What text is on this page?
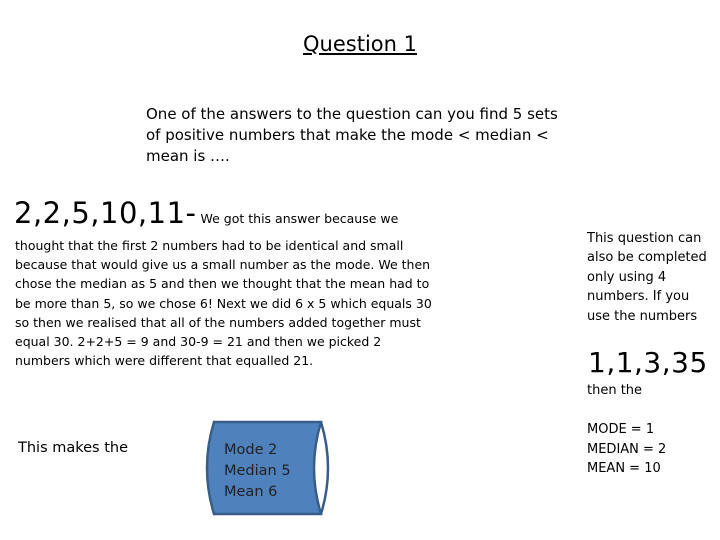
Question 1
One of the answers to the question can you find 5 sets of positive numbers that make the mode < median < mean is ….
2,2,5,10,11- We got this answer because we
thought that the first 2 numbers had to be identical and small because that would give us a small number as the mode. We then chose the median as 5 and then we thought that the mean had to be more than 5, so we chose 6! Next we did 6 x 5 which equals 30 so then we realised that all of the numbers added together must equal 30. 2+2+5 = 9 and 30-9 = 21 and then we picked 2 numbers which were different that equalled 21.
This makes the	Mode 2
Median 5
Mean 6
This question can also be completed only using 4 numbers. If you use the numbers
1,1,3,35
then the
MODE = 1
MEDIAN = 2
MEAN = 10
